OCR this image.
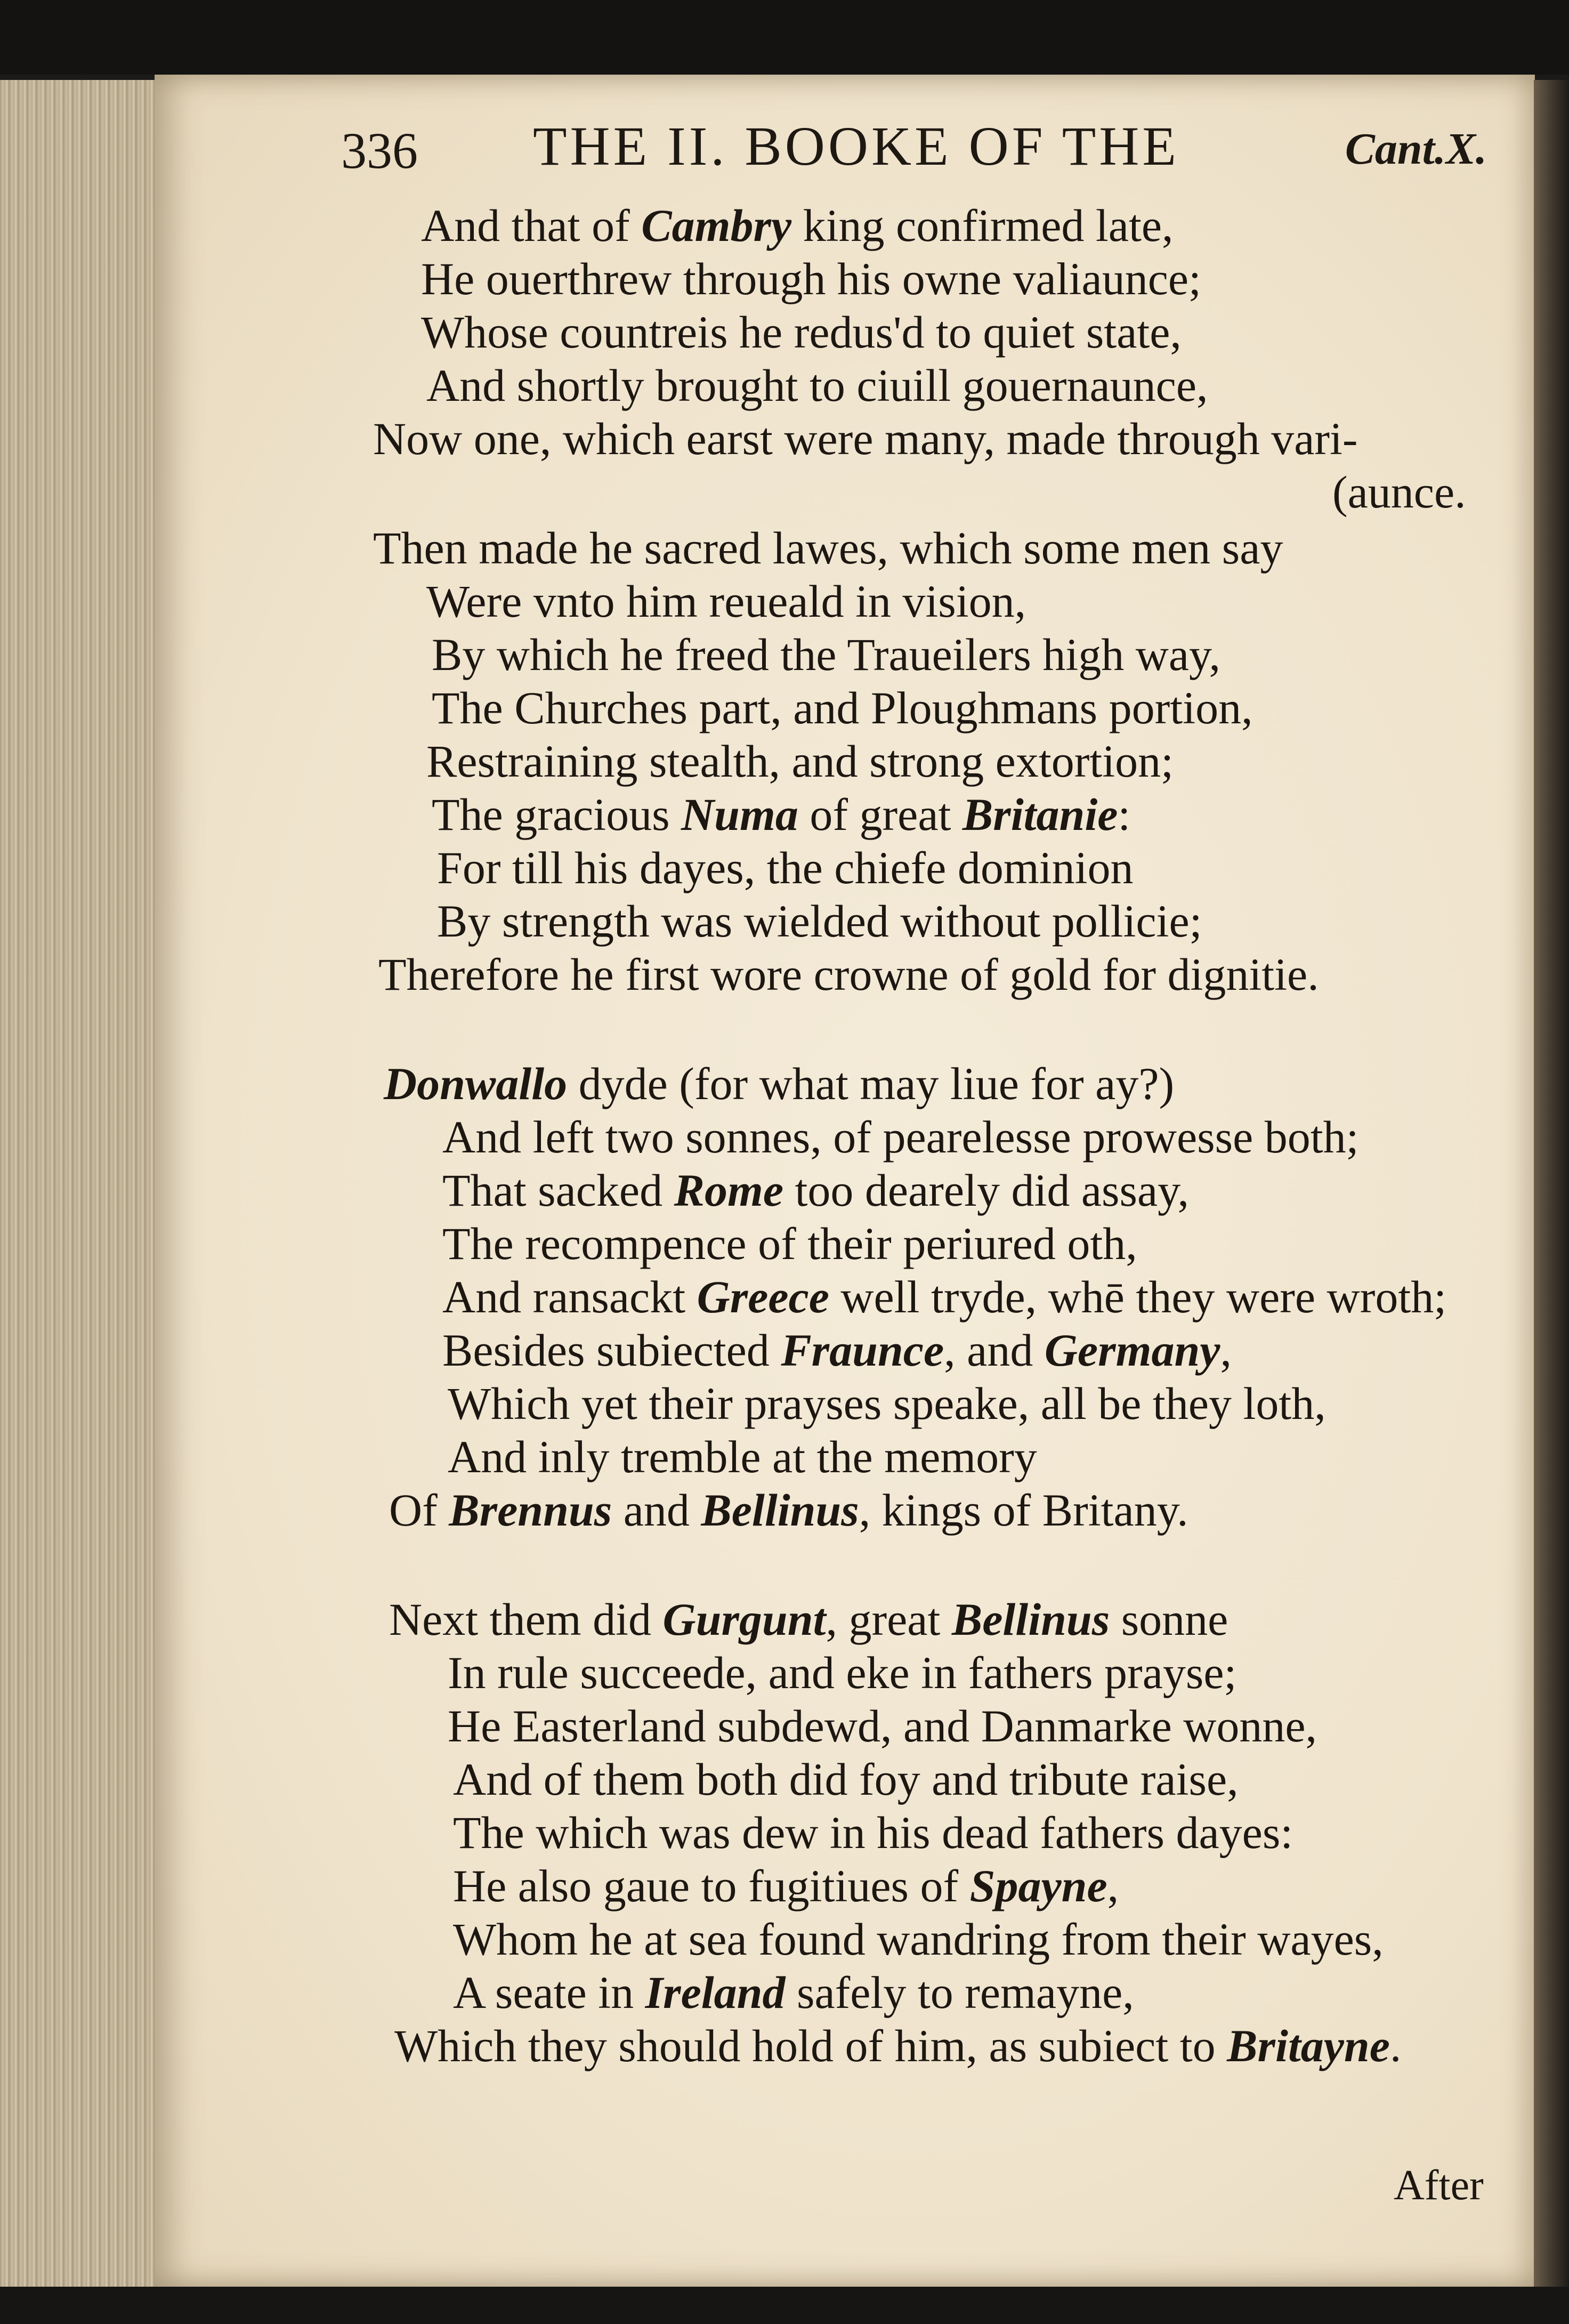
336 THE II. BOOKE OF THE	Cant.X.
And that of Cambry king confirmed late,
He ouerthrew through his owne valiaunce;
Whose countreis he redus'd to quiet state,
And shortly brought to ciuill gouernaunce,
Now one, which earst were many, made through vari-
(aunce.
Then made he sacred lawes, which some men say
Were vnto him reueald in vision,
By which he freed the Traueilers high way,
The Churches part, and Ploughmans portion,
Restraining stealth, and strong extortion;
The gracious Numa of great Britanie:
For till his dayes, the chiefe dominion
By strength was wielded without pollicie;
Therefore he first wore crowne of gold for dignitie.
Donwallo dyde (for what may liue for ay?)
And left two sonnes, of pearelesse prowesse both;
That sacked Rome too dearely did assay,
The recompence of their periured oth,
And ransackt Greece well tryde, whē they were wroth;
Besides subiected Fraunce, and Germany,
Which yet their prayses speake, all be they loth,
And inly tremble at the memory
Of Brennus and Bellinus, kings of Britany.
Next them did Gurgunt, great Bellinus sonne
In rule succeede, and eke in fathers prayse;
He Easterland subdewd, and Danmarke wonne,
And of them both did foy and tribute raise,
The which was dew in his dead fathers dayes:
He also gaue to fugitiues of Spayne,
Whom he at sea found wandring from their wayes,
A seate in Ireland safely to remayne,
Which they should hold of him, as subiect to Britayne.
After
